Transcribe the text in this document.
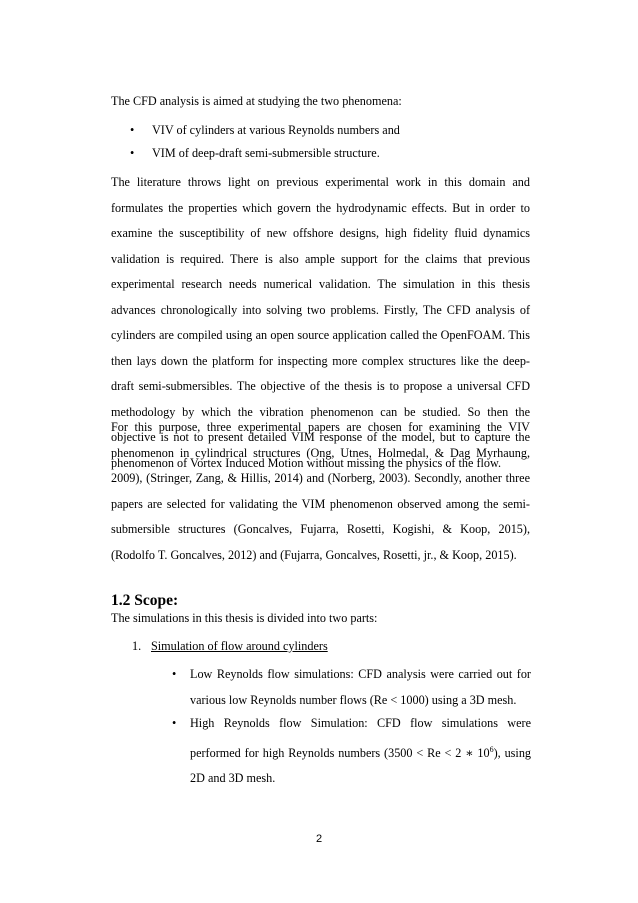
The CFD analysis is aimed at studying the two phenomena:

• VIV of cylinders at various Reynolds numbers and
• VIM of deep-draft semi-submersible structure.
The literature throws light on previous experimental work in this domain and
formulates the properties which govern the hydrodynamic effects. But in order to
examine the susceptibility of new offshore designs, high fidelity fluid dynamics
validation is required. There is also ample support for the claims that previous
experimental research needs numerical validation. The simulation in this thesis
advances chronologically into solving two problems. Firstly, The CFD analysis of
cylinders are compiled using an open source application called the OpenFOAM. This
then lays down the platform for inspecting more complex structures like the deep-
draft semi-submersibles. The objective of the thesis is to propose a universal CFD
methodology by which the vibration phenomenon can be studied. So then the
objective is not to present detailed VIM response of the model, but to capture the
phenomenon of Vortex Induced Motion without missing the physics of the flow.
For this purpose, three experimental papers are chosen for examining the VIV
phenomenon in cylindrical structures (Ong, Utnes, Holmedal, & Dag Myrhaung,
2009), (Stringer, Zang, & Hillis, 2014) and (Norberg, 2003). Secondly, another three
papers are selected for validating the VIM phenomenon observed among the semi-
submersible structures (Goncalves, Fujarra, Rosetti, Kogishi, & Koop, 2015),
(Rodolfo T. Goncalves, 2012) and (Fujarra, Goncalves, Rosetti, jr., & Koop, 2015).
1.2 Scope:

The simulations in this thesis is divided into two parts:

1. Simulation of flow around cylinders

• Low Reynolds flow simulations: CFD analysis were carried out for
various low Reynolds number flows (Re < 1000) using a 3D mesh.
• High Reynolds flow Simulation: CFD flow simulations were
performed for high Reynolds numbers (3500 < Re < 2 ∗ $10^6$), using
2D and 3D mesh.
2
